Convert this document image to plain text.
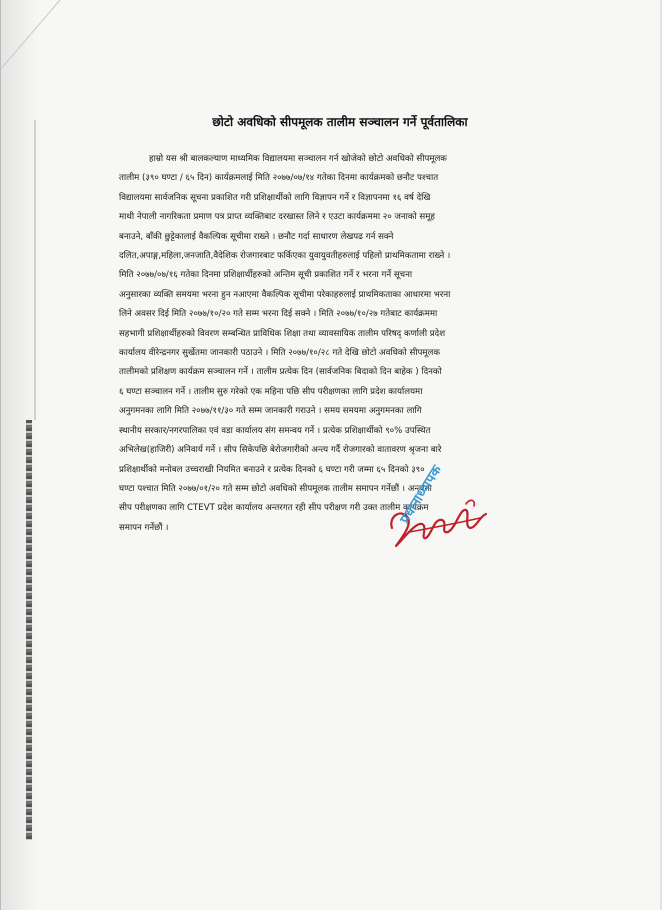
छोटो अवधिको सीपमूलक तालीम सञ्चालन गर्ने पूर्वतालिका
हाम्रो यस श्री बालकल्याण माध्यमिक विद्यालयमा सञ्चालन गर्न खोजेको छोटो अवधिको सीपमूलक
तालीम (३९० घण्टा / ६५ दिन) कार्यक्रमलाई मिति २०७७/०७/१४ गतेका दिनमा कार्यक्रमको छनौट पश्चात
विद्यालयमा सार्वजनिक सूचना प्रकाशित गरी प्रशिक्षार्थीको लागि विज्ञापन गर्ने र विज्ञापनमा १६ वर्ष देखि
माथी नेपाली नागरिकता प्रमाण पत्र प्राप्त व्यक्तिबाट दरखास्त लिने र एउटा कार्यक्रममा २० जनाको समूह
बनाउने, बाँकी छुट्टेकालाई वैकल्पिक सूचीमा राख्ने । छनौट गर्दा साधारण लेखपढ गर्न सक्ने
दलित,अपाङ्ग,महिला,जनजाति,वैदेशिक रोजगारबाट फर्किएका युवायुवतीहरुलाई पहिलो प्राथमिकतामा राख्ने ।
मिति २०७७/०७/१६ गतेका दिनमा प्रशिक्षार्थीहरुको अन्तिम सूची प्रकाशित गर्ने र भरना गर्ने सूचना
अनुसारका व्यक्ति समयमा भरना हुन नआएमा वैकल्पिक सूचीमा परेकाहरुलाई प्राथमिकताका आधारमा भरना
लिने अवसर दिई मिति २०७७/१०/२० गते सम्म भरना दिई सक्ने । मिति २०७७/१०/२७ गतेबाट कार्यक्रममा
सहभागी प्रशिक्षार्थीहरुको विवरण सम्बन्धित प्राविधिक शिक्षा तथा व्यावसायिक तालीम परिषद् कर्णाली प्रदेश
कार्यालय वीरेन्द्रनगर सुर्खेतमा जानकारी पठाउने । मिति २०७७/१०/२८ गते देखि छोटो अवधिको सीपमूलक
तालीमको प्रशिक्षण कार्यक्रम सञ्चालन गर्ने । तालीम प्रत्येक दिन (सार्वजनिक बिदाको दिन बाहेक ) दिनको
६ घण्टा सञ्चालन गर्ने । तालीम सुरु गरेको एक महिना पछि सीप परीक्षणका लागि प्रदेश कार्यालयमा
अनुगमनका लागि मिति २०७७/११/३० गते सम्म जानकारी गराउने । समय समयमा अनुगमनका लागि
स्थानीय सरकार/नगरपालिका एवं वडा कार्यालय संग समन्वय गर्ने । प्रत्येक प्रशिक्षार्थीको ९०% उपस्थित
अभिलेख(हाजिरी) अनिवार्य गर्ने । सीप सिकेपछि बेरोजगारीको अन्त्य गर्दै रोजगारको वातावरण श्रृजना बारे
प्रशिक्षार्थीको मनोबल उच्चराखी नियमित बनाउने र प्रत्येक दिनको ६ घण्टा गरी जम्मा ६५ दिनको ३९०
घण्टा पश्चात मिति २०७७/०१/२० गते सम्म छोटो अवधिको सीपमूलक तालीम समापन गर्नेछौं । अन्त्यमा
सीप परीक्षणका लागि CTEVT प्रदेश कार्यालय अन्तरगत रही सीप परीक्षण गरी उक्त तालीम कार्यक्रम
समापन गर्नेछौं ।
प्रधानाध्यापक
